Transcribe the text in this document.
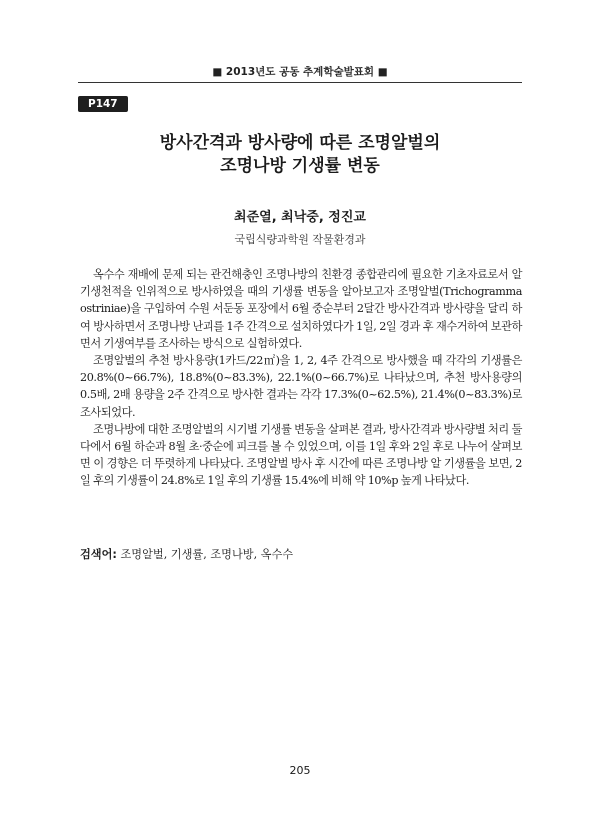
■ 2013년도 공동 추계학술발표회 ■
P147
방사간격과 방사량에 따른 조명알벌의
조명나방 기생률 변동
최준열, 최낙중, 정진교
국립식량과학원 작물환경과

옥수수 재배에 문제 되는 관건해충인 조명나방의 친환경 종합관리에 필요한 기초자료로서 알기생천적을 인위적으로 방사하였을 때의 기생률 변동을 알아보고자 조명알벌(Trichogramma ostriniae)을 구입하여 수원 서둔동 포장에서 6월 중순부터 2달간 방사간격과 방사량을 달리 하여 방사하면서 조명나방 난괴를 1주 간격으로 설치하였다가 1일, 2일 경과 후 재수거하여 보관하면서 기생여부를 조사하는 방식으로 실험하였다.

조명알벌의 추천 방사용량(1카드/22㎡)을 1, 2, 4주 간격으로 방사했을 때 각각의 기생률은 20.8%(0~66.7%), 18.8%(0~83.3%), 22.1%(0~66.7%)로 나타났으며, 추천 방사용량의 0.5배, 2배 용량을 2주 간격으로 방사한 결과는 각각 17.3%(0~62.5%), 21.4%(0~83.3%)로 조사되었다.

조명나방에 대한 조명알벌의 시기별 기생률 변동을 살펴본 결과, 방사간격과 방사량별 처리 둘 다에서 6월 하순과 8월 초·중순에 피크를 볼 수 있었으며, 이를 1일 후와 2일 후로 나누어 살펴보면 이 경향은 더 뚜렷하게 나타났다. 조명알벌 방사 후 시간에 따른 조명나방 알 기생률을 보면, 2일 후의 기생률이 24.8%로 1일 후의 기생률 15.4%에 비해 약 10%p 높게 나타났다.

검색어: 조명알벌, 기생률, 조명나방, 옥수수
205
